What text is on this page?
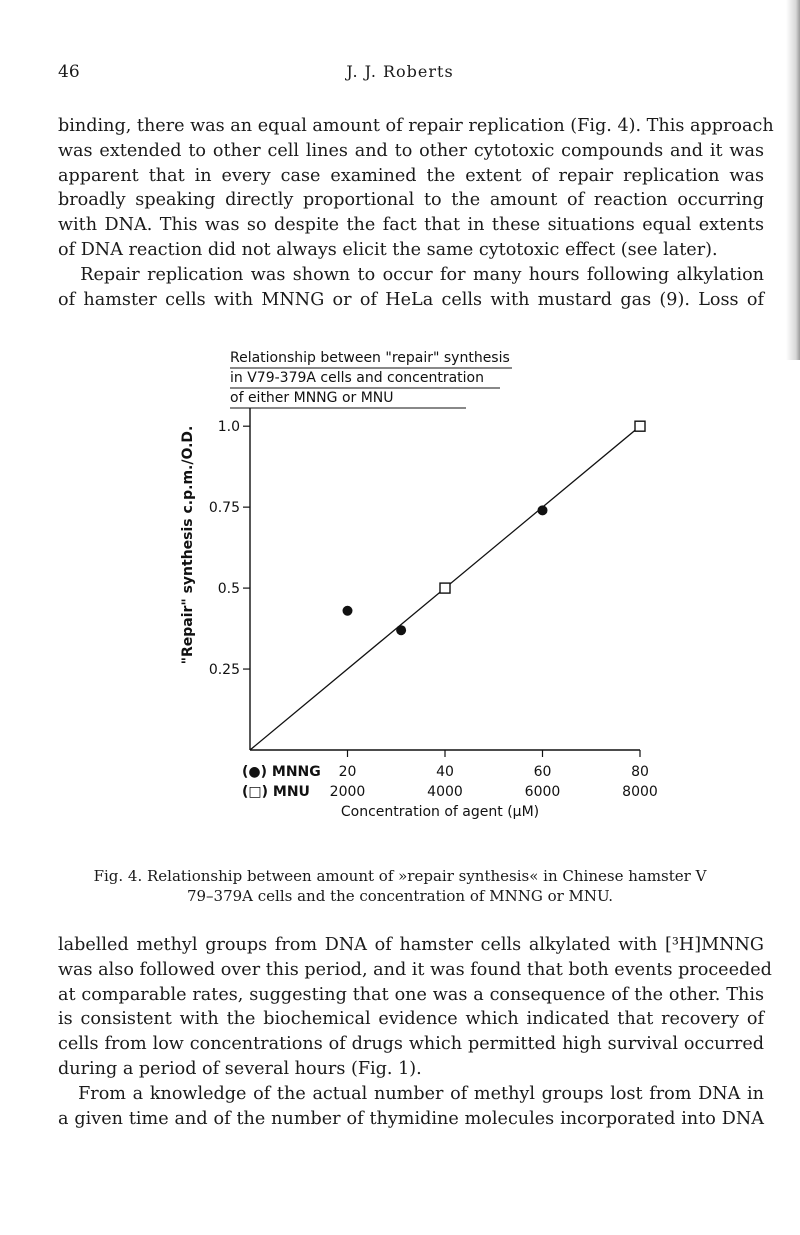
46	J. J. Roberts
binding, there was an equal amount of repair replication (Fig. 4). This approach
was extended to other cell lines and to other cytotoxic compounds and it was
apparent that in every case examined the extent of repair replication was
broadly speaking directly proportional to the amount of reaction occurring
with DNA. This was so despite the fact that in these situations equal extents
of DNA reaction did not always elicit the same cytotoxic effect (see later).
Repair replication was shown to occur for many hours following alkylation
of hamster cells with MNNG or of HeLa cells with mustard gas (9). Loss of
Relationship between "repair" synthesis
in V79-379A cells and concentration
of either MNNG or MNU
"Repair" synthesis c.p.m./O.D.
0.25
0.5
0.75
1.0
20
2000
40
4000
60
6000
80
8000
(●) MNNG
(□) MNU
Concentration of agent (μM)

Fig. 4. Relationship between amount of »repair synthesis« in Chinese hamster V 79–379A cells and the concentration of MNNG or MNU.

labelled methyl groups from DNA of hamster cells alkylated with [³H]MNNG
was also followed over this period, and it was found that both events proceeded
at comparable rates, suggesting that one was a consequence of the other. This
is consistent with the biochemical evidence which indicated that recovery of
cells from low concentrations of drugs which permitted high survival occurred
during a period of several hours (Fig. 1).
From a knowledge of the actual number of methyl groups lost from DNA in
a given time and of the number of thymidine molecules incorporated into DNA
